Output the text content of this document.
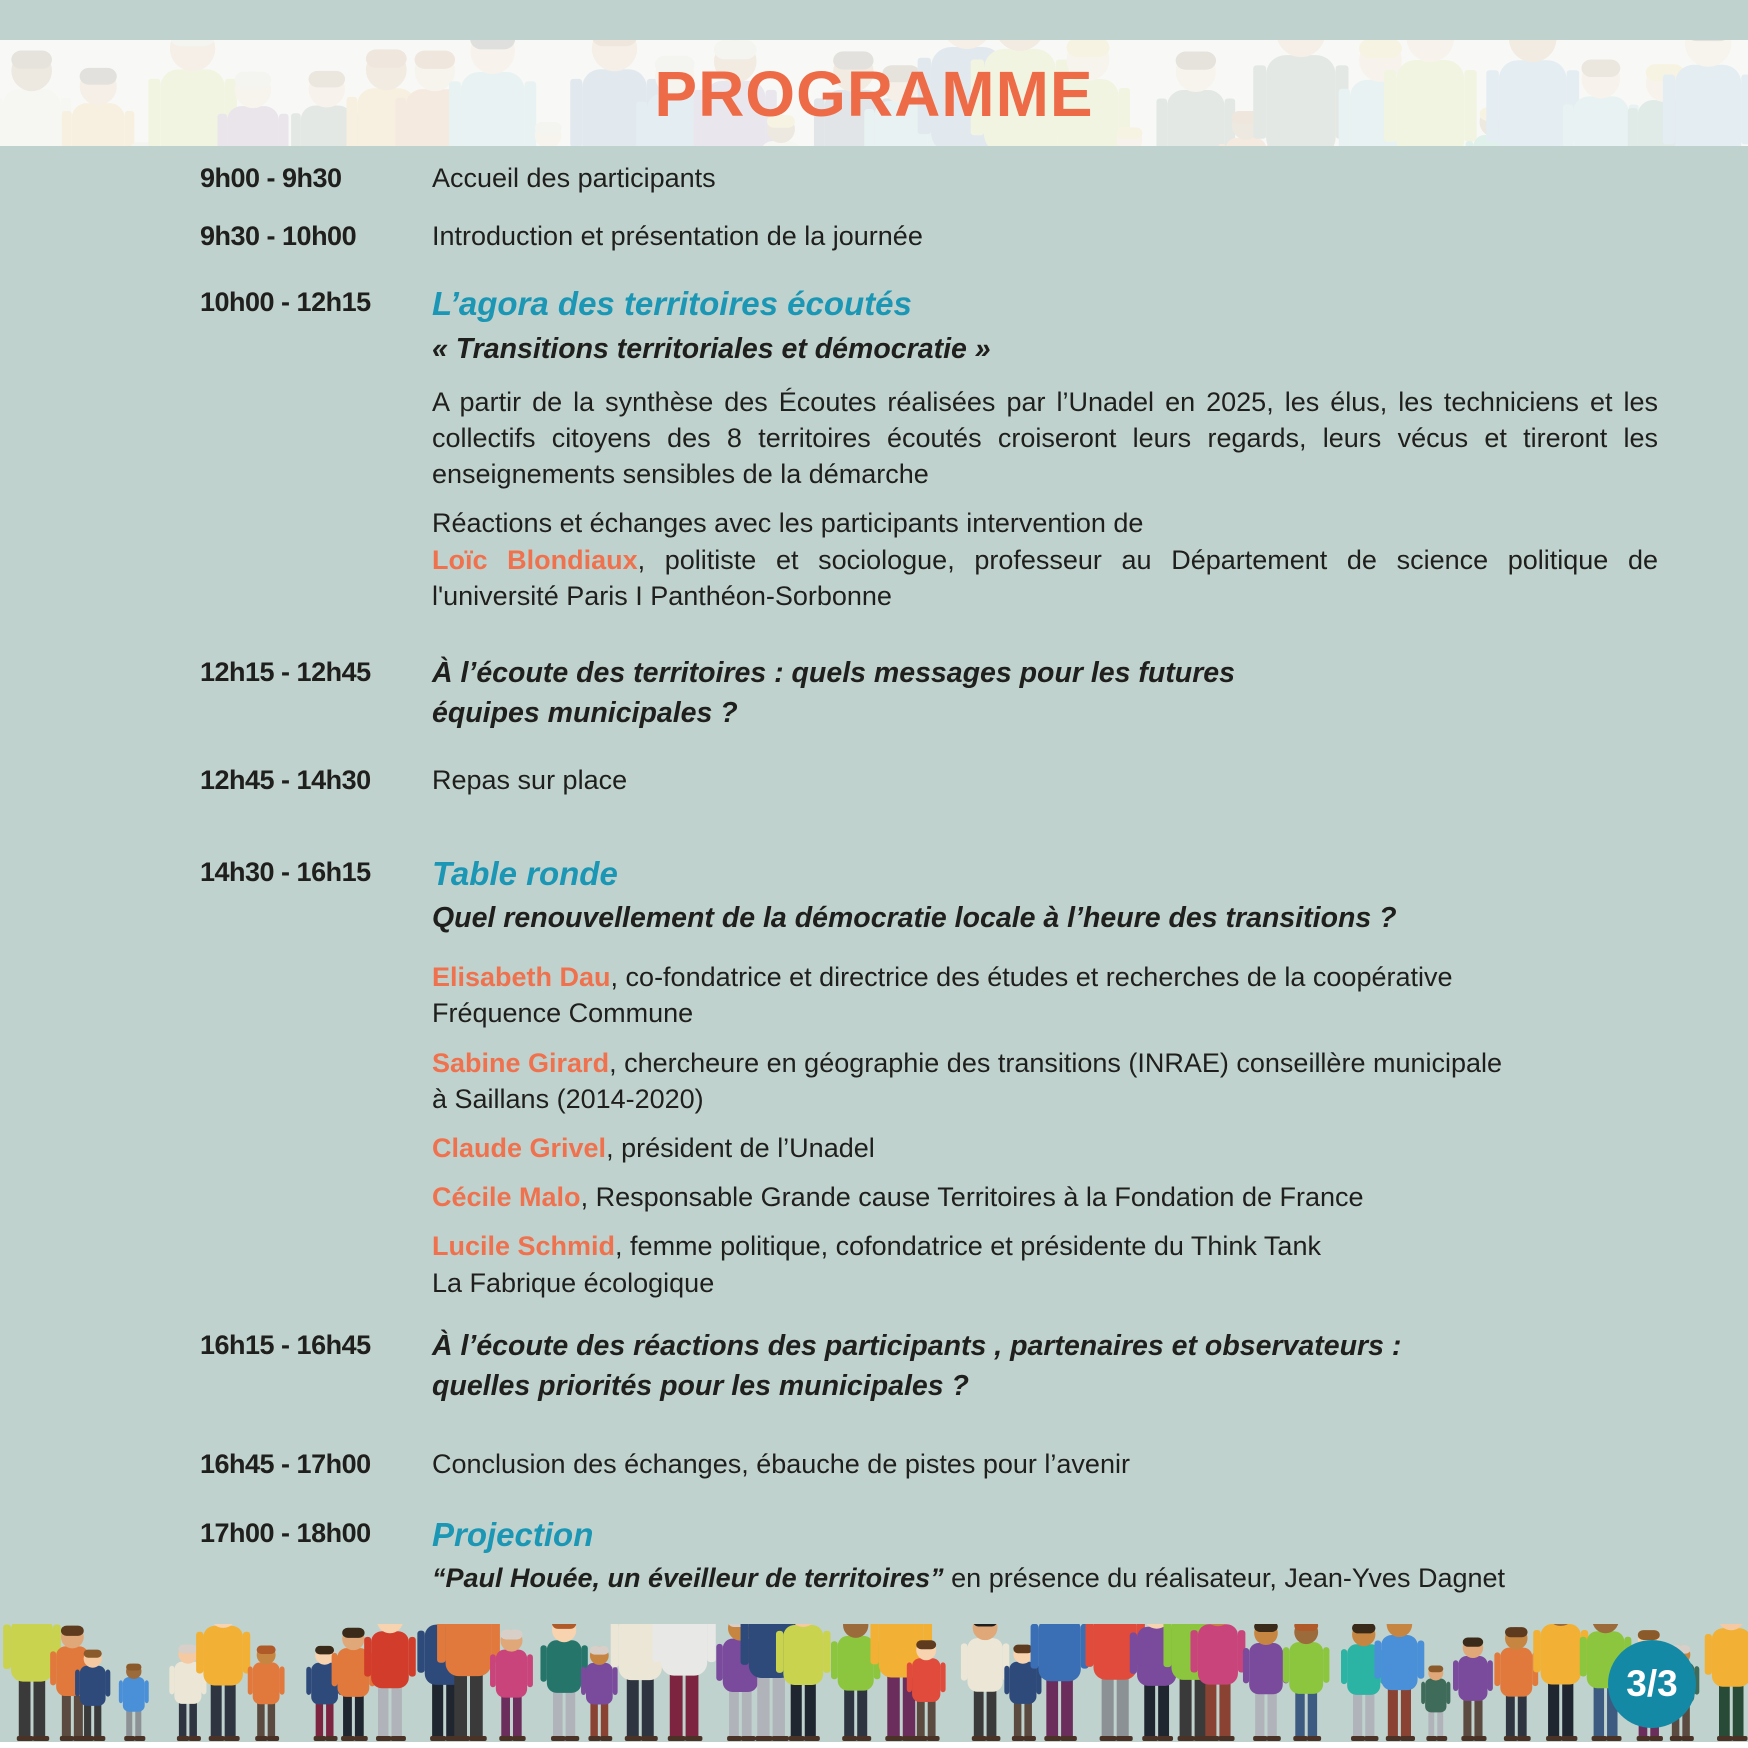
PROGRAMME
9h00 - 9h30	Accueil des participants

9h30 - 10h00	Introduction et présentation de la journée

10h00 - 12h15	L’agora des territoires écoutés
« Transitions territoriales et démocratie »

A partir de la synthèse des Écoutes réalisées par l’Unadel en 2025, les élus, les techniciens et les collectifs citoyens des 8 territoires écoutés croiseront leurs regards, leurs vécus et tireront les enseignements sensibles de la démarche

Réactions et échanges avec les participants intervention de
Loïc Blondiaux, politiste et sociologue, professeur au Département de science politique de l'université Paris I Panthéon-Sorbonne

12h15 - 12h45	À l’écoute des territoires : quels messages pour les futures
équipes municipales ?
12h45 - 14h30	Repas sur place

14h30 - 16h15	Table ronde
Quel renouvellement de la démocratie locale à l’heure des transitions ?

Elisabeth Dau, co-fondatrice et directrice des études et recherches de la coopérative
Fréquence Commune

Sabine Girard, chercheure en géographie des transitions (INRAE) conseillère municipale
à Saillans (2014-2020)

Claude Grivel, président de l’Unadel

Cécile Malo, Responsable Grande cause Territoires à la Fondation de France

Lucile Schmid, femme politique, cofondatrice et présidente du Think Tank
La Fabrique écologique

16h15 - 16h45	À l’écoute des réactions des participants , partenaires et observateurs :
quelles priorités pour les municipales ?
16h45 - 17h00	Conclusion des échanges, ébauche de pistes pour l’avenir

17h00 - 18h00	Projection

“Paul Houée, un éveilleur de territoires” en présence du réalisateur, Jean-Yves Dagnet

3/3
